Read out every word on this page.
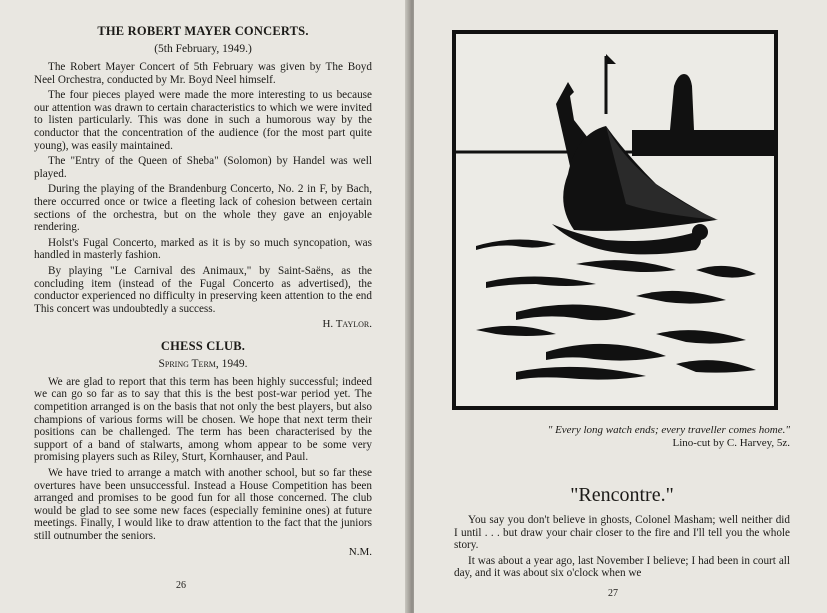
THE ROBERT MAYER CONCERTS.
(5th February, 1949.)

The Robert Mayer Concert of 5th February was given by The Boyd Neel Orchestra, conducted by Mr. Boyd Neel himself.

The four pieces played were made the more interesting to us because our attention was drawn to certain characteristics to which we were invited to listen particularly. This was done in such a humorous way by the conductor that the concentration of the audience (for the most part quite young), was easily maintained.

The "Entry of the Queen of Sheba" (Solomon) by Handel was well played.

During the playing of the Brandenburg Concerto, No. 2 in F, by Bach, there occurred once or twice a fleeting lack of cohesion between certain sections of the orchestra, but on the whole they gave an enjoyable rendering.

Holst's Fugal Concerto, marked as it is by so much syncopation, was handled in masterly fashion.

By playing "Le Carnival des Animaux," by Saint-Saëns, as the concluding item (instead of the Fugal Concerto as advertised), the conductor experienced no difficulty in preserving keen attention to the end This concert was undoubtedly a success.

H. Taylor.

CHESS CLUB.
Spring Term, 1949.

We are glad to report that this term has been highly successful; indeed we can go so far as to say that this is the best post-war period yet. The competition arranged is on the basis that not only the best players, but also champions of various forms will be chosen. We hope that next term their positions can be challenged. The term has been characterised by the support of a band of stalwarts, among whom appear to be some very promising players such as Riley, Sturt, Kornhauser, and Paul.

We have tried to arrange a match with another school, but so far these overtures have been unsuccessful. Instead a House Competition has been arranged and promises to be good fun for all those concerned. The club would be glad to see some new faces (especially feminine ones) at future meetings. Finally, I would like to draw attention to the fact that the juniors still outnumber the seniors.

N.M.

26
" Every long watch ends; every traveller comes home."
Lino-cut by C. Harvey, 5z.
"Rencontre."

You say you don't believe in ghosts, Colonel Masham; well neither did I until . . . but draw your chair closer to the fire and I'll tell you the whole story.

It was about a year ago, last November I believe; I had been in court all day, and it was about six o'clock when we

27
